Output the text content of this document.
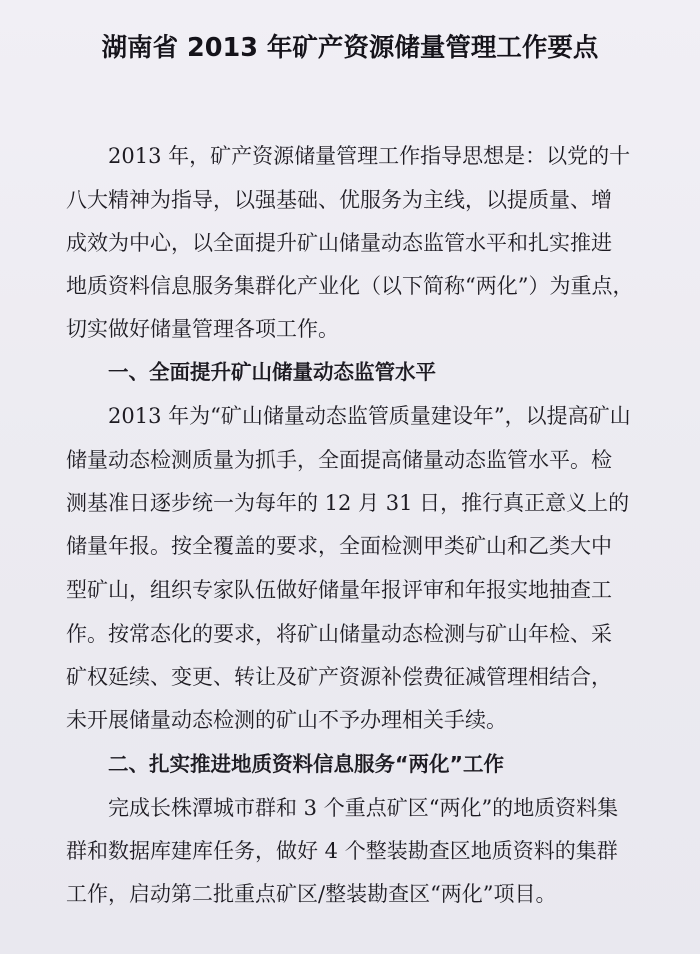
湖南省 2013 年矿产资源储量管理工作要点
2013 年，矿产资源储量管理工作指导思想是：以党的十
八大精神为指导，以强基础、优服务为主线，以提质量、增
成效为中心，以全面提升矿山储量动态监管水平和扎实推进
地质资料信息服务集群化产业化（以下简称“两化”）为重点，
切实做好储量管理各项工作。
一、全面提升矿山储量动态监管水平
2013 年为“矿山储量动态监管质量建设年”，以提高矿山
储量动态检测质量为抓手，全面提高储量动态监管水平。检
测基准日逐步统一为每年的 12 月 31 日，推行真正意义上的
储量年报。按全覆盖的要求，全面检测甲类矿山和乙类大中
型矿山，组织专家队伍做好储量年报评审和年报实地抽查工
作。按常态化的要求，将矿山储量动态检测与矿山年检、采
矿权延续、变更、转让及矿产资源补偿费征减管理相结合，
未开展储量动态检测的矿山不予办理相关手续。
二、扎实推进地质资料信息服务“两化”工作
完成长株潭城市群和 3 个重点矿区“两化”的地质资料集
群和数据库建库任务，做好 4 个整装勘查区地质资料的集群
工作，启动第二批重点矿区/整装勘查区“两化”项目。
